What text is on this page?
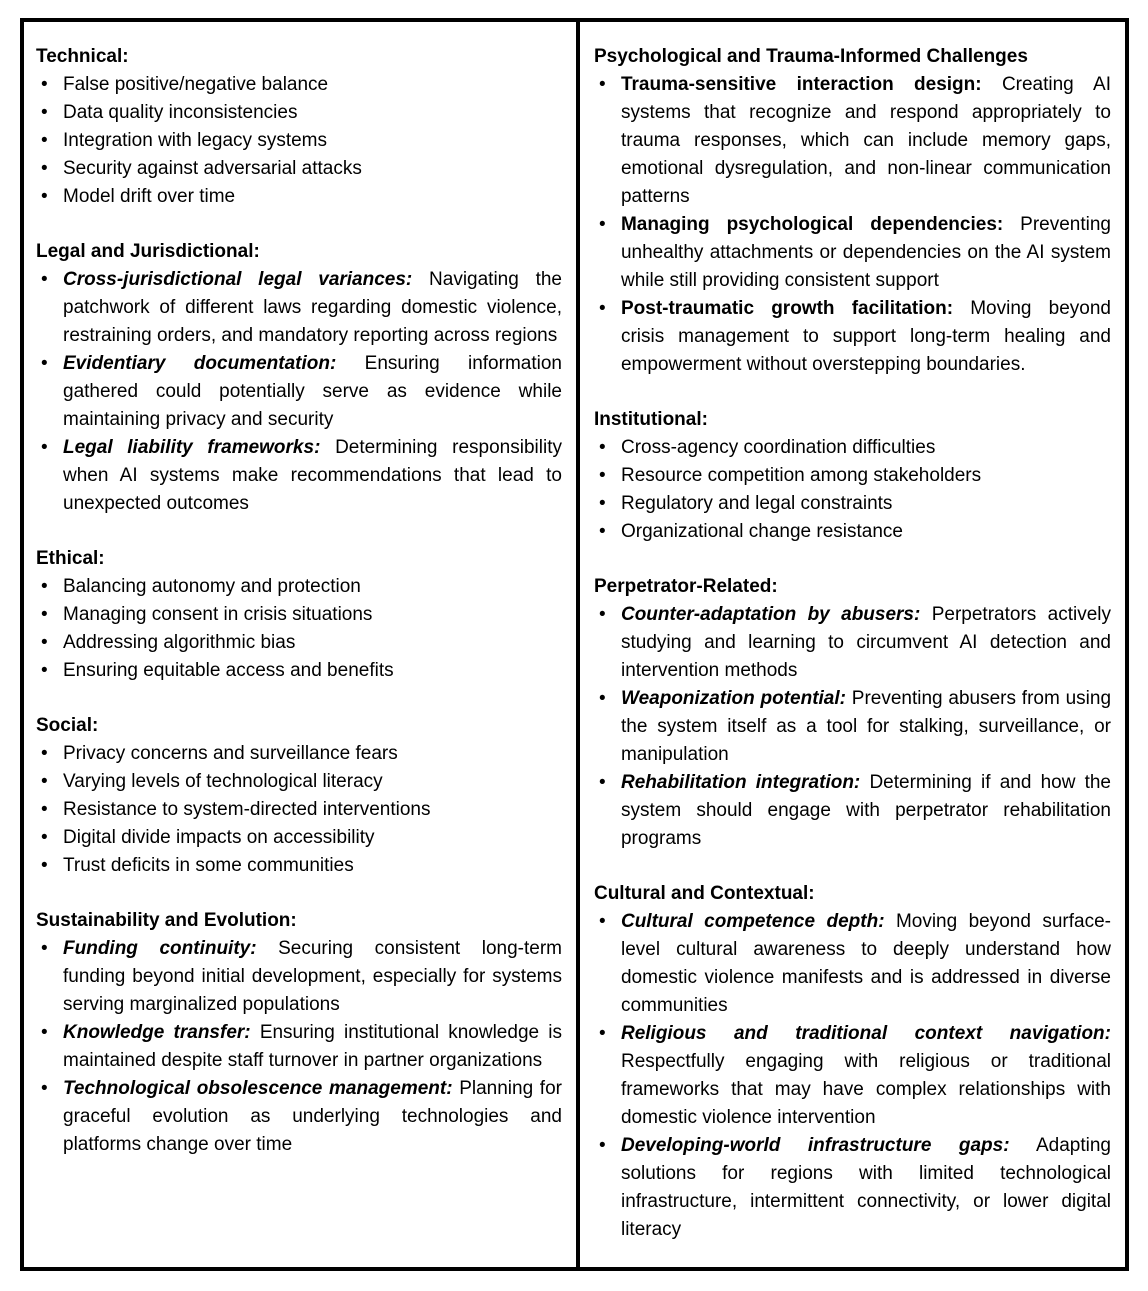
Technical:
• False positive/negative balance
• Data quality inconsistencies
• Integration with legacy systems
• Security against adversarial attacks
• Model drift over time
Legal and Jurisdictional:
• Cross-jurisdictional legal variances: Navigating the patchwork of different laws regarding domestic violence, restraining orders, and mandatory reporting across regions
• Evidentiary documentation: Ensuring information gathered could potentially serve as evidence while maintaining privacy and security
• Legal liability frameworks: Determining responsibility when AI systems make recommendations that lead to unexpected outcomes
Ethical:
• Balancing autonomy and protection
• Managing consent in crisis situations
• Addressing algorithmic bias
• Ensuring equitable access and benefits
Social:
• Privacy concerns and surveillance fears
• Varying levels of technological literacy
• Resistance to system-directed interventions
• Digital divide impacts on accessibility
• Trust deficits in some communities
Sustainability and Evolution:
• Funding continuity: Securing consistent long-term funding beyond initial development, especially for systems serving marginalized populations
• Knowledge transfer: Ensuring institutional knowledge is maintained despite staff turnover in partner organizations
• Technological obsolescence management: Planning for graceful evolution as underlying technologies and platforms change over time
Psychological and Trauma-Informed Challenges
• Trauma-sensitive interaction design: Creating AI systems that recognize and respond appropriately to trauma responses, which can include memory gaps, emotional dysregulation, and non-linear communication patterns
• Managing psychological dependencies: Preventing unhealthy attachments or dependencies on the AI system while still providing consistent support
• Post-traumatic growth facilitation: Moving beyond crisis management to support long-term healing and empowerment without overstepping boundaries.
Institutional:
• Cross-agency coordination difficulties
• Resource competition among stakeholders
• Regulatory and legal constraints
• Organizational change resistance
Perpetrator-Related:
• Counter-adaptation by abusers: Perpetrators actively studying and learning to circumvent AI detection and intervention methods
• Weaponization potential: Preventing abusers from using the system itself as a tool for stalking, surveillance, or manipulation
• Rehabilitation integration: Determining if and how the system should engage with perpetrator rehabilitation programs
Cultural and Contextual:
• Cultural competence depth: Moving beyond surface-level cultural awareness to deeply understand how domestic violence manifests and is addressed in diverse communities
• Religious and traditional context navigation: Respectfully engaging with religious or traditional frameworks that may have complex relationships with domestic violence intervention
• Developing-world infrastructure gaps: Adapting solutions for regions with limited technological infrastructure, intermittent connectivity, or lower digital literacy
